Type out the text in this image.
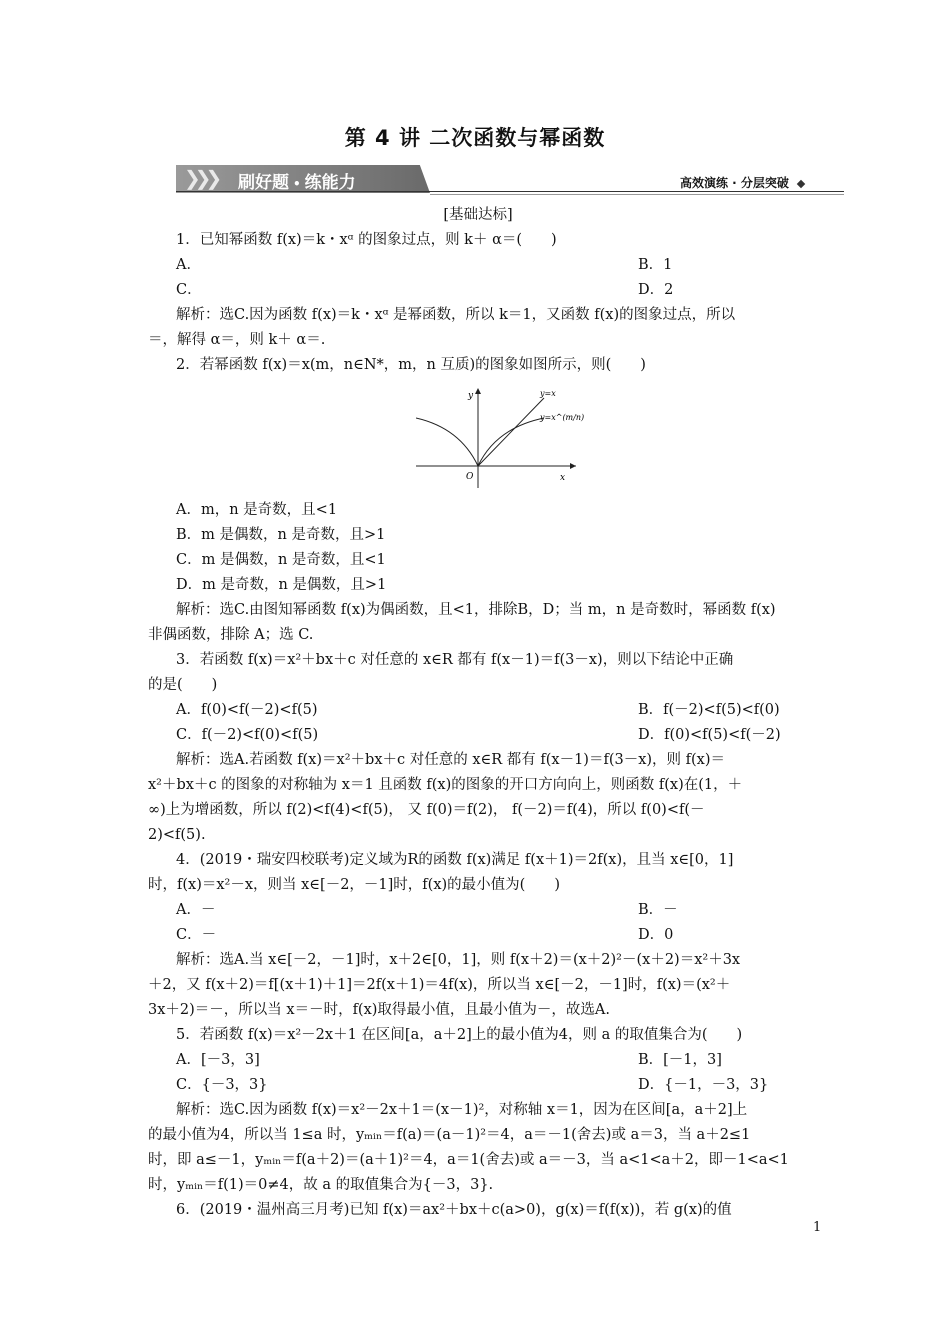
第 4 讲 二次函数与幂函数
❯❯❯ 刷好题 • 练能力	高效演练 · 分层突破
[基础达标]
1．已知幂函数 f(x)＝k・xᵅ 的图象过点，则 k＋ α＝(　　)
A．	B．1
C．	D．2
解析：选C.因为函数 f(x)＝k・xᵅ 是幂函数，所以 k＝1，又函数 f(x)的图象过点，所以
＝，解得 α＝，则 k＋ α＝.
2．若幂函数 f(x)＝x(m，n∈N*，m，n 互质)的图象如图所示，则(　　)
y
x
O
y=x
y=x^(m/n)
A．m，n 是奇数，且<1
B．m 是偶数，n 是奇数，且>1
C．m 是偶数，n 是奇数，且<1
D．m 是奇数，n 是偶数，且>1
解析：选C.由图知幂函数 f(x)为偶函数，且<1，排除B，D；当 m，n 是奇数时，幂函数 f(x)
非偶函数，排除 A；选 C.
3．若函数 f(x)＝x²＋bx＋c 对任意的 x∈R 都有 f(x－1)＝f(3－x)，则以下结论中正确
的是(　　)
A．f(0)<f(－2)<f(5)	B．f(－2)<f(5)<f(0)
C．f(－2)<f(0)<f(5)	D．f(0)<f(5)<f(－2)
解析：选A.若函数 f(x)＝x²＋bx＋c 对任意的 x∈R 都有 f(x－1)＝f(3－x)，则 f(x)＝
x²＋bx＋c 的图象的对称轴为 x＝1 且函数 f(x)的图象的开口方向向上，则函数 f(x)在(1，＋
∞)上为增函数，所以 f(2)<f(4)<f(5)， 又 f(0)＝f(2)， f(－2)＝f(4)，所以 f(0)<f(－
2)<f(5).
4．(2019・瑞安四校联考)定义域为R的函数 f(x)满足 f(x＋1)＝2f(x)，且当 x∈[0，1]
时，f(x)＝x²－x，则当 x∈[－2，－1]时，f(x)的最小值为(　　)
A．－	B．－
C．－	D．0
解析：选A.当 x∈[－2，－1]时，x＋2∈[0，1]，则 f(x＋2)＝(x＋2)²－(x＋2)＝x²＋3x
＋2，又 f(x＋2)＝f[(x＋1)＋1]＝2f(x＋1)＝4f(x)，所以当 x∈[－2，－1]时，f(x)＝(x²＋
3x＋2)＝－，所以当 x＝－时，f(x)取得最小值，且最小值为－，故选A.
5．若函数 f(x)＝x²－2x＋1 在区间[a，a＋2]上的最小值为4，则 a 的取值集合为(　　)
A．[－3，3]	B．[－1，3]
C．{－3，3}	D．{－1，－3，3}
解析：选C.因为函数 f(x)＝x²－2x＋1＝(x－1)²，对称轴 x＝1，因为在区间[a，a＋2]上
的最小值为4，所以当 1≤a 时，yₘᵢₙ＝f(a)＝(a－1)²＝4，a＝－1(舍去)或 a＝3，当 a＋2≤1
时，即 a≤－1，yₘᵢₙ＝f(a＋2)＝(a＋1)²＝4，a＝1(舍去)或 a＝－3，当 a<1<a＋2，即－1<a<1
时，yₘᵢₙ＝f(1)＝0≠4，故 a 的取值集合为{－3，3}.
6．(2019・温州高三月考)已知 f(x)＝ax²＋bx＋c(a>0)，g(x)＝f(f(x))，若 g(x)的值
1
